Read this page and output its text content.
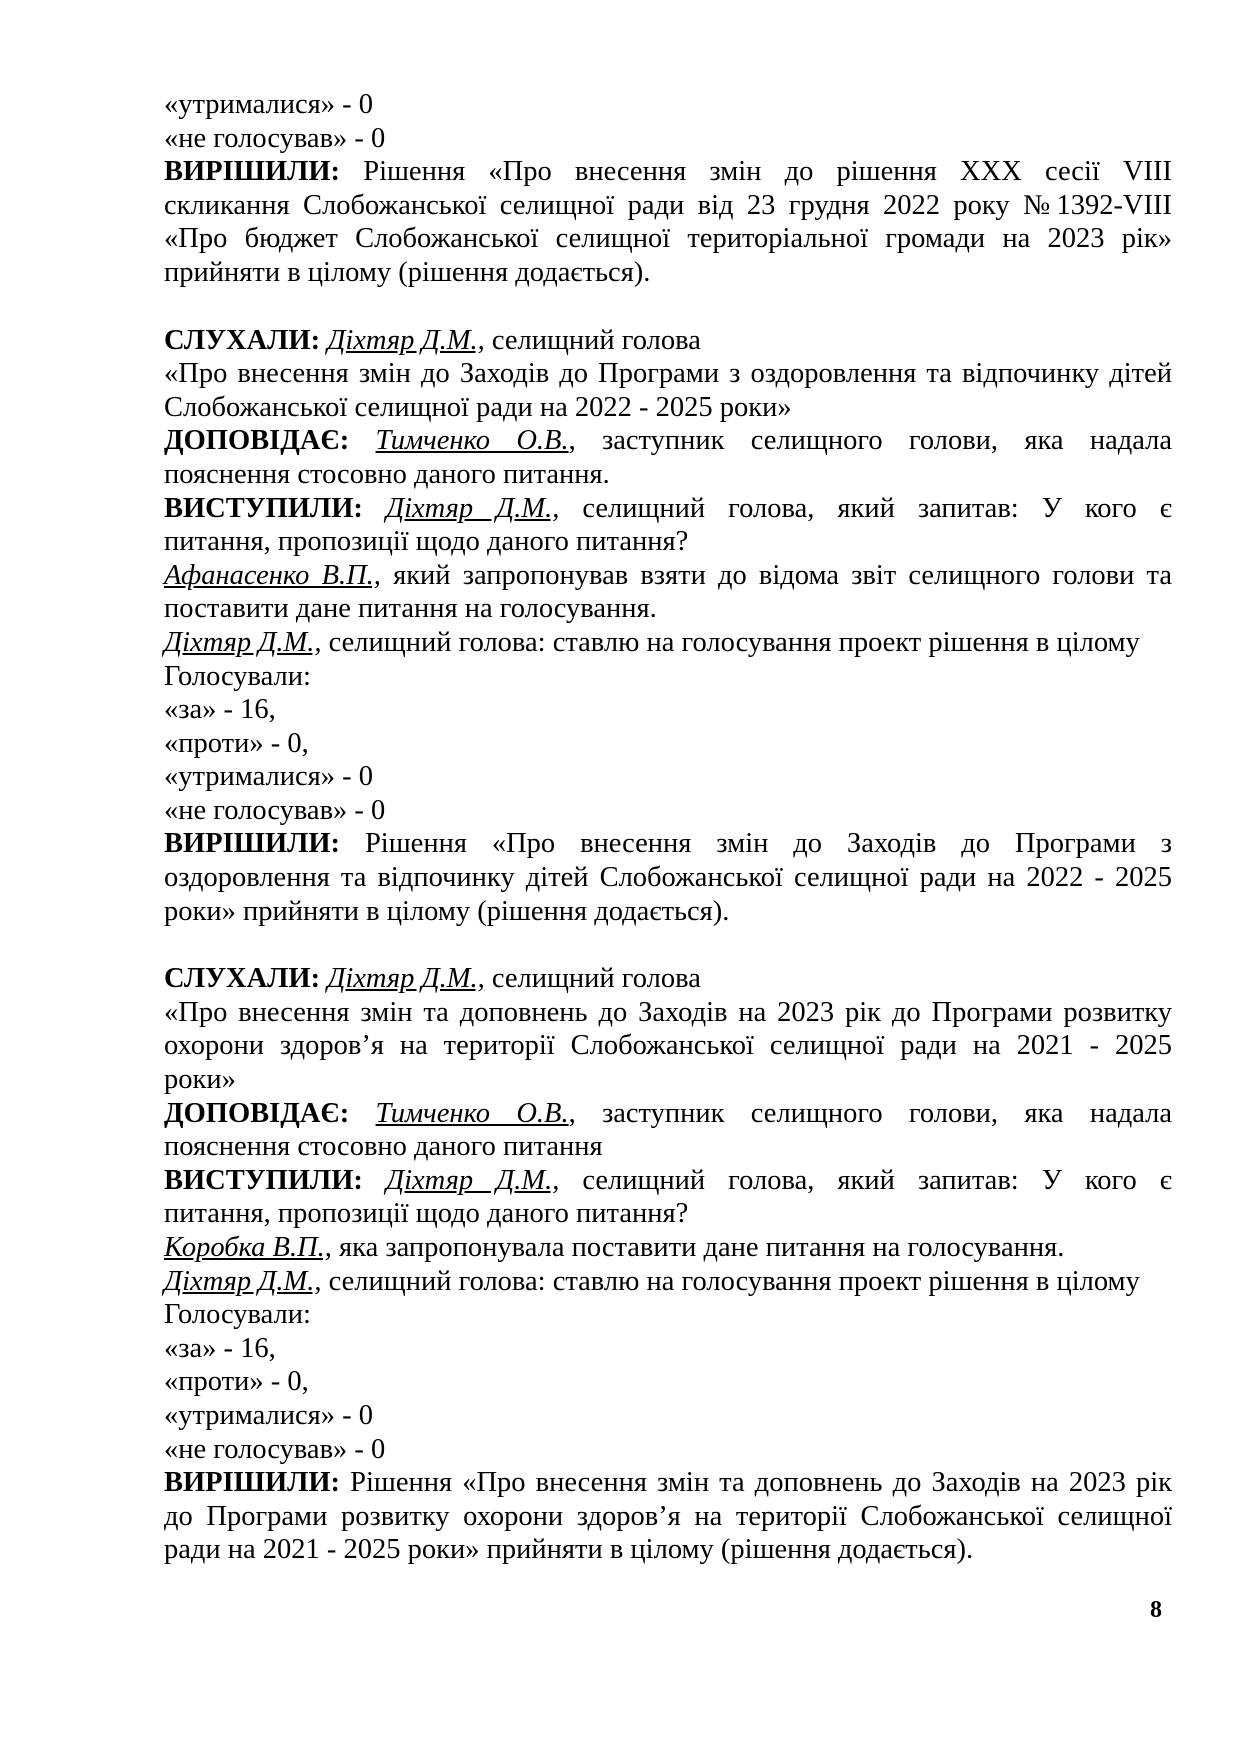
«утрималися» - 0
«не голосував» - 0
ВИРІШИЛИ: Рішення «Про внесення змін до рішення ХХХ сесії VIII
скликання Слобожанської селищної ради від 23 грудня 2022 року №1392-VIII
«Про бюджет Слобожанської селищної територіальної громади на 2023 рік»
прийняти в цілому (рішення додається).
СЛУХАЛИ: Діхтяр Д.М., селищний голова
«Про внесення змін до Заходів до Програми з оздоровлення та відпочинку дітей
Слобожанської селищної ради на 2022 - 2025 роки»
ДОПОВІДАЄ: Тимченко О.В., заступник селищного голови, яка надала
пояснення стосовно даного питання.
ВИСТУПИЛИ: Діхтяр Д.М., селищний голова, який запитав: У кого є
питання, пропозиції щодо даного питання?
Афанасенко В.П., який запропонував взяти до відома звіт селищного голови та
поставити дане питання на голосування.
Діхтяр Д.М., селищний голова: ставлю на голосування проект рішення в цілому
Голосували:
«за» - 16,
«проти» - 0,
«утрималися» - 0
«не голосував» - 0
ВИРІШИЛИ: Рішення «Про внесення змін до Заходів до Програми з
оздоровлення та відпочинку дітей Слобожанської селищної ради на 2022 - 2025
роки» прийняти в цілому (рішення додається).
СЛУХАЛИ: Діхтяр Д.М., селищний голова
«Про внесення змін та доповнень до Заходів на 2023 рік до Програми розвитку
охорони здоров’я на території Слобожанської селищної ради на 2021 - 2025
роки»
ДОПОВІДАЄ: Тимченко О.В., заступник селищного голови, яка надала
пояснення стосовно даного питання
ВИСТУПИЛИ: Діхтяр Д.М., селищний голова, який запитав: У кого є
питання, пропозиції щодо даного питання?
Коробка В.П., яка запропонувала поставити дане питання на голосування.
Діхтяр Д.М., селищний голова: ставлю на голосування проект рішення в цілому
Голосували:
«за» - 16,
«проти» - 0,
«утрималися» - 0
«не голосував» - 0
ВИРІШИЛИ: Рішення «Про внесення змін та доповнень до Заходів на 2023 рік
до Програми розвитку охорони здоров’я на території Слобожанської селищної
ради на 2021 - 2025 роки» прийняти в цілому (рішення додається).
8
